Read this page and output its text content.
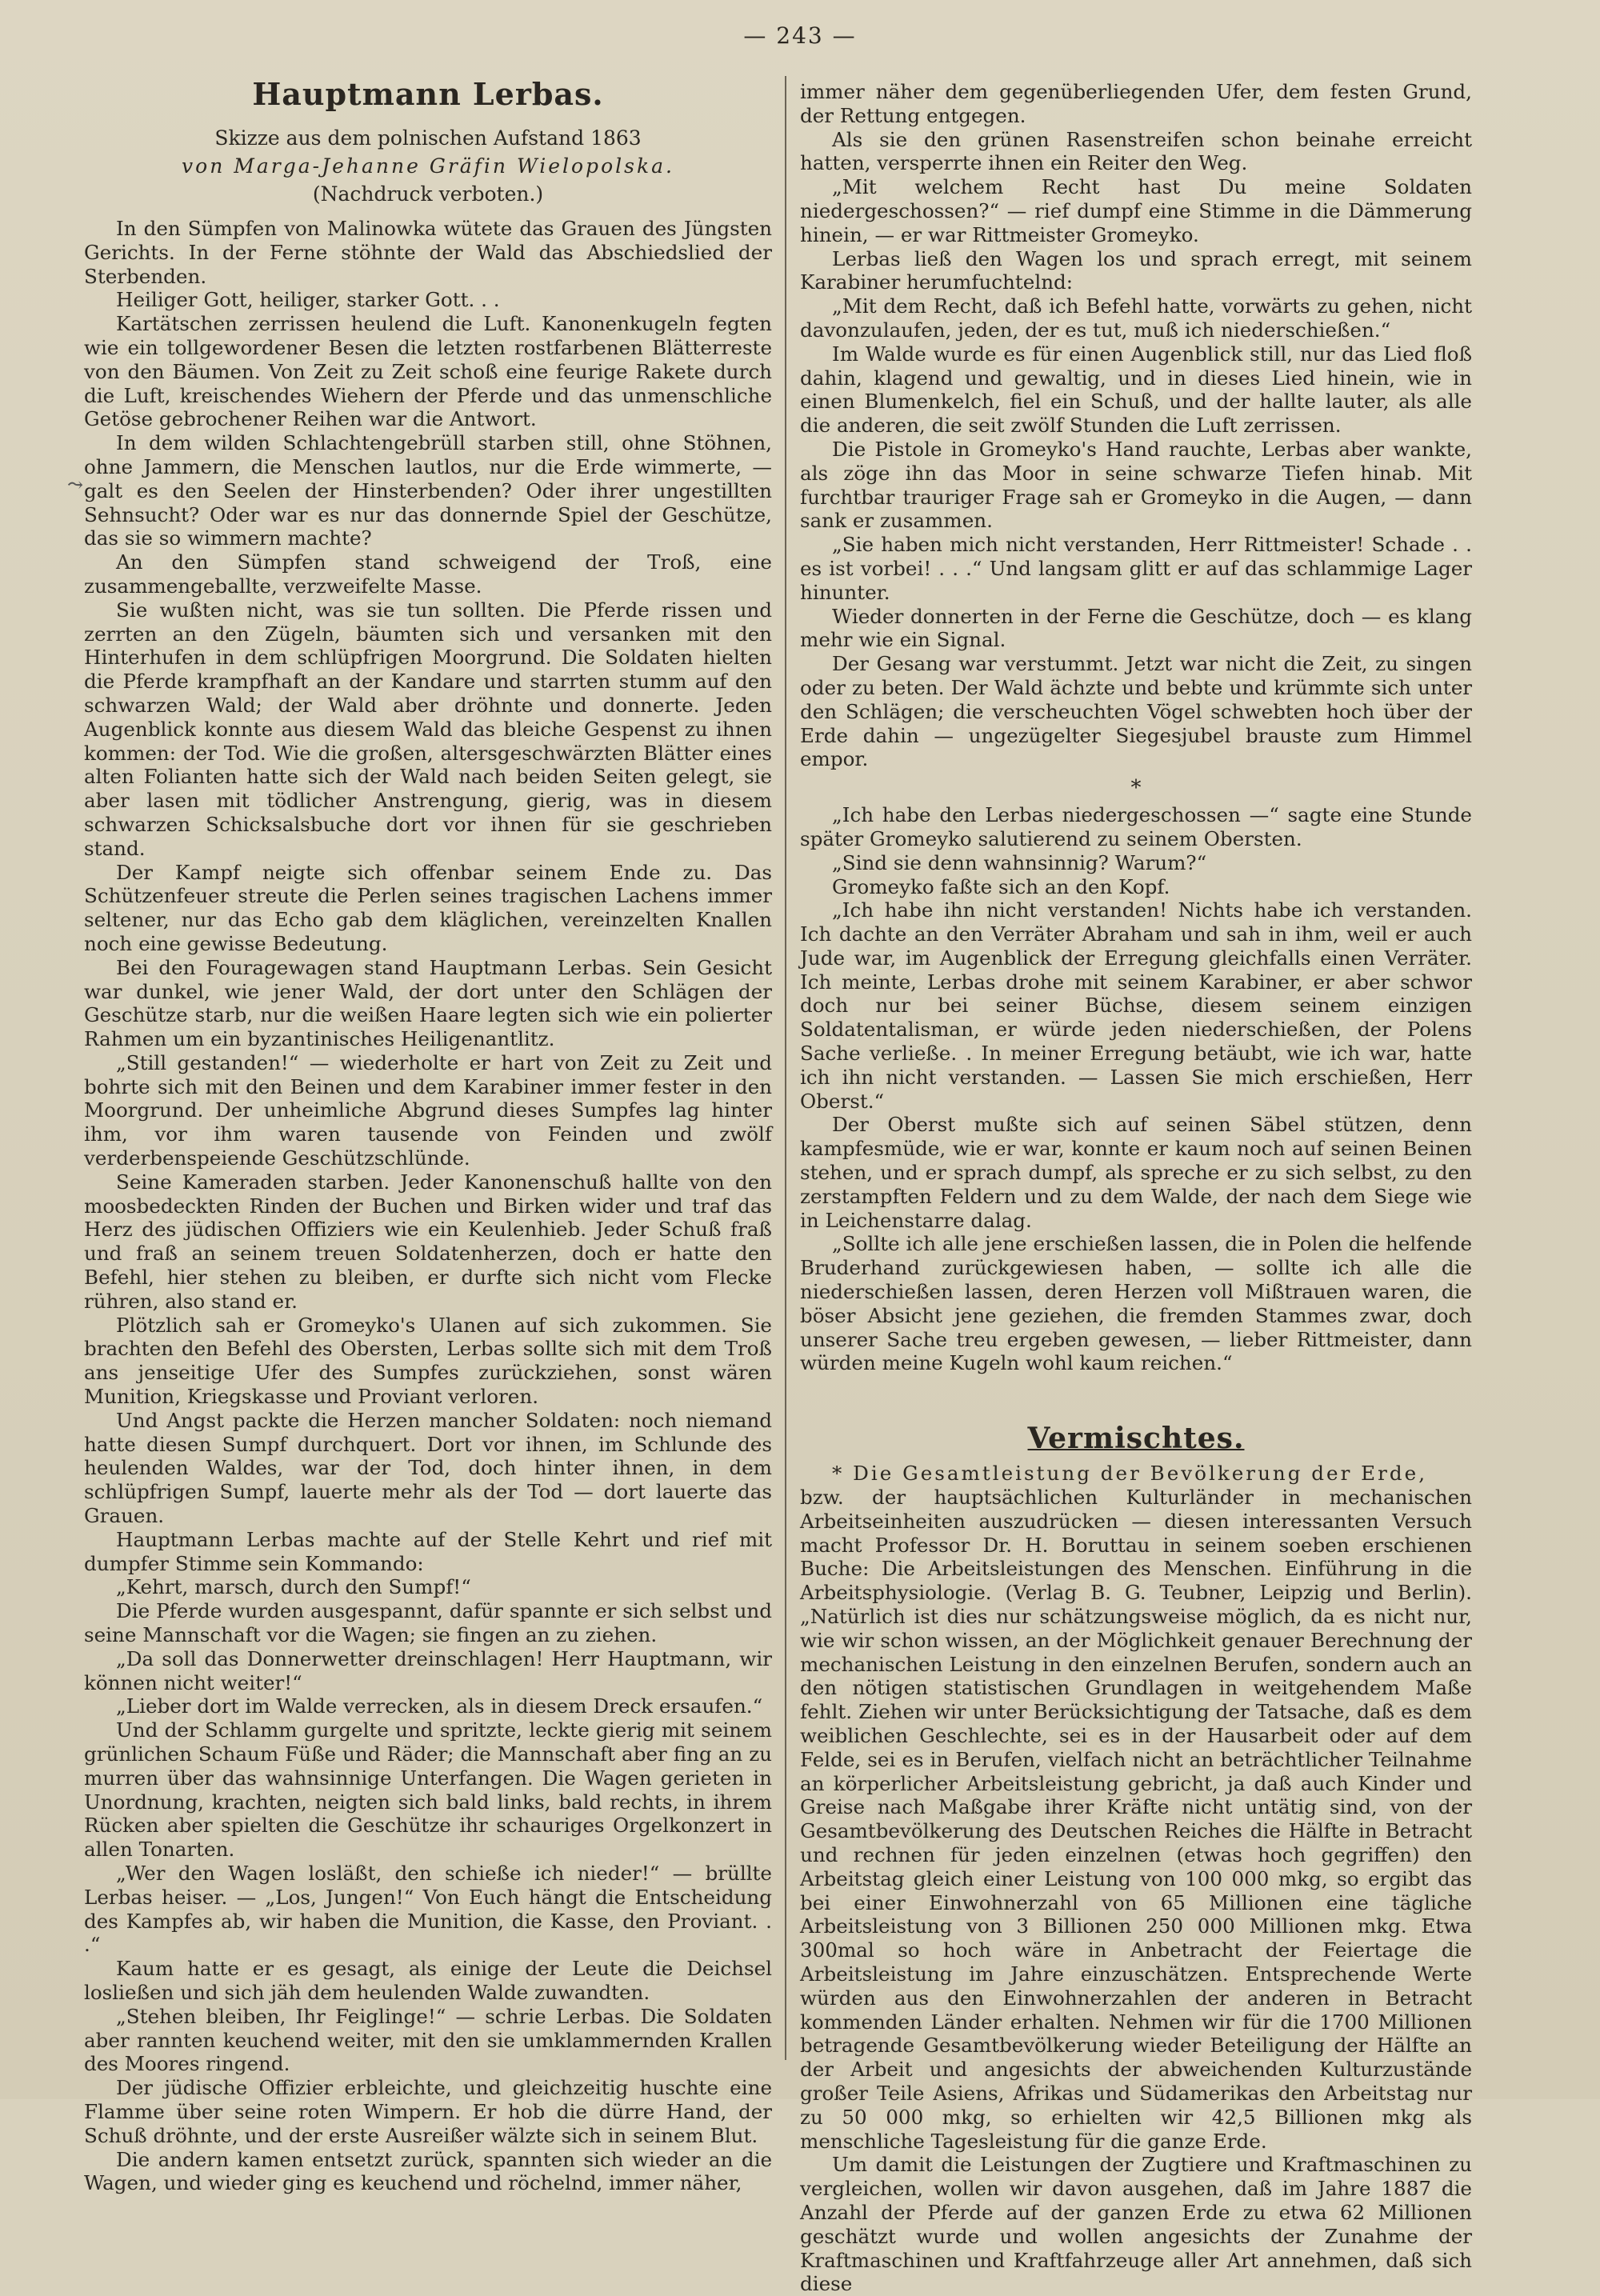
— 243 —
⤳
Hauptmann Lerbas.
Skizze aus dem polnischen Aufstand 1863
von Marga-Jehanne Gräfin Wielopolska.
(Nachdruck verboten.)

In den Sümpfen von Malinowka wütete das Grauen des Jüngsten Gerichts. In der Ferne stöhnte der Wald das Abschiedslied der Sterbenden.

Heiliger Gott, heiliger, starker Gott. . .

Kartätschen zerrissen heulend die Luft. Kanonenkugeln fegten wie ein tollgewordener Besen die letzten rostfarbenen Blätterreste von den Bäumen. Von Zeit zu Zeit schoß eine feurige Rakete durch die Luft, kreischendes Wiehern der Pferde und das unmenschliche Getöse gebrochener Reihen war die Antwort.

In dem wilden Schlachtengebrüll starben still, ohne Stöhnen, ohne Jammern, die Menschen lautlos, nur die Erde wimmerte, — galt es den Seelen der Hinsterbenden? Oder ihrer ungestillten Sehnsucht? Oder war es nur das donnernde Spiel der Geschütze, das sie so wimmern machte?

An den Sümpfen stand schweigend der Troß, eine zusammengeballte, verzweifelte Masse.

Sie wußten nicht, was sie tun sollten. Die Pferde rissen und zerrten an den Zügeln, bäumten sich und versanken mit den Hinterhufen in dem schlüpfrigen Moorgrund. Die Soldaten hielten die Pferde krampfhaft an der Kandare und starrten stumm auf den schwarzen Wald; der Wald aber dröhnte und donnerte. Jeden Augenblick konnte aus diesem Wald das bleiche Gespenst zu ihnen kommen: der Tod. Wie die großen, altersgeschwärzten Blätter eines alten Folianten hatte sich der Wald nach beiden Seiten gelegt, sie aber lasen mit tödlicher Anstrengung, gierig, was in diesem schwarzen Schicksalsbuche dort vor ihnen für sie geschrieben stand.

Der Kampf neigte sich offenbar seinem Ende zu. Das Schützenfeuer streute die Perlen seines tragischen Lachens immer seltener, nur das Echo gab dem kläglichen, vereinzelten Knallen noch eine gewisse Bedeutung.

Bei den Fouragewagen stand Hauptmann Lerbas. Sein Gesicht war dunkel, wie jener Wald, der dort unter den Schlägen der Geschütze starb, nur die weißen Haare legten sich wie ein polierter Rahmen um ein byzantinisches Heiligenantlitz.

„Still gestanden!“ — wiederholte er hart von Zeit zu Zeit und bohrte sich mit den Beinen und dem Karabiner immer fester in den Moorgrund. Der unheimliche Abgrund dieses Sumpfes lag hinter ihm, vor ihm waren tausende von Feinden und zwölf verderbenspeiende Geschützschlünde.

Seine Kameraden starben. Jeder Kanonenschuß hallte von den moosbedeckten Rinden der Buchen und Birken wider und traf das Herz des jüdischen Offiziers wie ein Keulenhieb. Jeder Schuß fraß und fraß an seinem treuen Soldatenherzen, doch er hatte den Befehl, hier stehen zu bleiben, er durfte sich nicht vom Flecke rühren, also stand er.

Plötzlich sah er Gromeyko's Ulanen auf sich zukommen. Sie brachten den Befehl des Obersten, Lerbas sollte sich mit dem Troß ans jenseitige Ufer des Sumpfes zurückziehen, sonst wären Munition, Kriegskasse und Proviant verloren.

Und Angst packte die Herzen mancher Soldaten: noch niemand hatte diesen Sumpf durchquert. Dort vor ihnen, im Schlunde des heulenden Waldes, war der Tod, doch hinter ihnen, in dem schlüpfrigen Sumpf, lauerte mehr als der Tod — dort lauerte das Grauen.

Hauptmann Lerbas machte auf der Stelle Kehrt und rief mit dumpfer Stimme sein Kommando:

„Kehrt, marsch, durch den Sumpf!“

Die Pferde wurden ausgespannt, dafür spannte er sich selbst und seine Mannschaft vor die Wagen; sie fingen an zu ziehen.

„Da soll das Donnerwetter dreinschlagen! Herr Hauptmann, wir können nicht weiter!“

„Lieber dort im Walde verrecken, als in diesem Dreck ersaufen.“

Und der Schlamm gurgelte und spritzte, leckte gierig mit seinem grünlichen Schaum Füße und Räder; die Mannschaft aber fing an zu murren über das wahnsinnige Unterfangen. Die Wagen gerieten in Unordnung, krachten, neigten sich bald links, bald rechts, in ihrem Rücken aber spielten die Geschütze ihr schauriges Orgelkonzert in allen Tonarten.

„Wer den Wagen losläßt, den schieße ich nieder!“ — brüllte Lerbas heiser. — „Los, Jungen!“ Von Euch hängt die Entscheidung des Kampfes ab, wir haben die Munition, die Kasse, den Proviant. . .“

Kaum hatte er es gesagt, als einige der Leute die Deichsel losließen und sich jäh dem heulenden Walde zuwandten.

„Stehen bleiben, Ihr Feiglinge!“ — schrie Lerbas. Die Soldaten aber rannten keuchend weiter, mit den sie umklammernden Krallen des Moores ringend.

Der jüdische Offizier erbleichte, und gleichzeitig huschte eine Flamme über seine roten Wimpern. Er hob die dürre Hand, der Schuß dröhnte, und der erste Ausreißer wälzte sich in seinem Blut.

Die andern kamen entsetzt zurück, spannten sich wieder an die Wagen, und wieder ging es keuchend und röchelnd, immer näher,

immer näher dem gegenüberliegenden Ufer, dem festen Grund, der Rettung entgegen.

Als sie den grünen Rasenstreifen schon beinahe erreicht hatten, versperrte ihnen ein Reiter den Weg.

„Mit welchem Recht hast Du meine Soldaten niedergeschossen?“ — rief dumpf eine Stimme in die Dämmerung hinein, — er war Rittmeister Gromeyko.

Lerbas ließ den Wagen los und sprach erregt, mit seinem Karabiner herumfuchtelnd:

„Mit dem Recht, daß ich Befehl hatte, vorwärts zu gehen, nicht davonzulaufen, jeden, der es tut, muß ich niederschießen.“

Im Walde wurde es für einen Augenblick still, nur das Lied floß dahin, klagend und gewaltig, und in dieses Lied hinein, wie in einen Blumenkelch, fiel ein Schuß, und der hallte lauter, als alle die anderen, die seit zwölf Stunden die Luft zerrissen.

Die Pistole in Gromeyko's Hand rauchte, Lerbas aber wankte, als zöge ihn das Moor in seine schwarze Tiefen hinab. Mit furchtbar trauriger Frage sah er Gromeyko in die Augen, — dann sank er zusammen.

„Sie haben mich nicht verstanden, Herr Rittmeister! Schade . . es ist vorbei! . . .“ Und langsam glitt er auf das schlammige Lager hinunter.

Wieder donnerten in der Ferne die Geschütze, doch — es klang mehr wie ein Signal.

Der Gesang war verstummt. Jetzt war nicht die Zeit, zu singen oder zu beten. Der Wald ächzte und bebte und krümmte sich unter den Schlägen; die verscheuchten Vögel schwebten hoch über der Erde dahin — ungezügelter Siegesjubel brauste zum Himmel empor.

*

„Ich habe den Lerbas niedergeschossen —“ sagte eine Stunde später Gromeyko salutierend zu seinem Obersten.

„Sind sie denn wahnsinnig? Warum?“

Gromeyko faßte sich an den Kopf.

„Ich habe ihn nicht verstanden! Nichts habe ich verstanden. Ich dachte an den Verräter Abraham und sah in ihm, weil er auch Jude war, im Augenblick der Erregung gleichfalls einen Verräter. Ich meinte, Lerbas drohe mit seinem Karabiner, er aber schwor doch nur bei seiner Büchse, diesem seinem einzigen Soldatentalisman, er würde jeden niederschießen, der Polens Sache verließe. . In meiner Erregung betäubt, wie ich war, hatte ich ihn nicht verstanden. — Lassen Sie mich erschießen, Herr Oberst.“

Der Oberst mußte sich auf seinen Säbel stützen, denn kampfesmüde, wie er war, konnte er kaum noch auf seinen Beinen stehen, und er sprach dumpf, als spreche er zu sich selbst, zu den zerstampften Feldern und zu dem Walde, der nach dem Siege wie in Leichenstarre dalag.

„Sollte ich alle jene erschießen lassen, die in Polen die helfende Bruderhand zurückgewiesen haben, — sollte ich alle die niederschießen lassen, deren Herzen voll Mißtrauen waren, die böser Absicht jene geziehen, die fremden Stammes zwar, doch unserer Sache treu ergeben gewesen, — lieber Rittmeister, dann würden meine Kugeln wohl kaum reichen.“

Vermischtes.

* Die Gesamtleistung der Bevölkerung der Erde,

bzw. der hauptsächlichen Kulturländer in mechanischen Arbeitseinheiten auszudrücken — diesen interessanten Versuch macht Professor Dr. H. Boruttau in seinem soeben erschienen Buche: Die Arbeitsleistungen des Menschen. Einführung in die Arbeitsphysiologie. (Verlag B. G. Teubner, Leipzig und Berlin). „Natürlich ist dies nur schätzungsweise möglich, da es nicht nur, wie wir schon wissen, an der Möglichkeit genauer Berechnung der mechanischen Leistung in den einzelnen Berufen, sondern auch an den nötigen statistischen Grundlagen in weitgehendem Maße fehlt. Ziehen wir unter Berücksichtigung der Tatsache, daß es dem weiblichen Geschlechte, sei es in der Hausarbeit oder auf dem Felde, sei es in Berufen, vielfach nicht an beträchtlicher Teilnahme an körperlicher Arbeitsleistung gebricht, ja daß auch Kinder und Greise nach Maßgabe ihrer Kräfte nicht untätig sind, von der Gesamtbevölkerung des Deutschen Reiches die Hälfte in Betracht und rechnen für jeden einzelnen (etwas hoch gegriffen) den Arbeitstag gleich einer Leistung von 100 000 mkg, so ergibt das bei einer Einwohnerzahl von 65 Millionen eine tägliche Arbeitsleistung von 3 Billionen 250 000 Millionen mkg. Etwa 300mal so hoch wäre in Anbetracht der Feiertage die Arbeitsleistung im Jahre einzuschätzen. Entsprechende Werte würden aus den Einwohnerzahlen der anderen in Betracht kommenden Länder erhalten. Nehmen wir für die 1700 Millionen betragende Gesamtbevölkerung wieder Beteiligung der Hälfte an der Arbeit und angesichts der abweichenden Kulturzustände großer Teile Asiens, Afrikas und Südamerikas den Arbeitstag nur zu 50 000 mkg, so erhielten wir 42,5 Billionen mkg als menschliche Tagesleistung für die ganze Erde.

Um damit die Leistungen der Zugtiere und Kraftmaschinen zu vergleichen, wollen wir davon ausgehen, daß im Jahre 1887 die Anzahl der Pferde auf der ganzen Erde zu etwa 62 Millionen geschätzt wurde und wollen angesichts der Zunahme der Kraftmaschinen und Kraftfahrzeuge aller Art annehmen, daß sich diese
